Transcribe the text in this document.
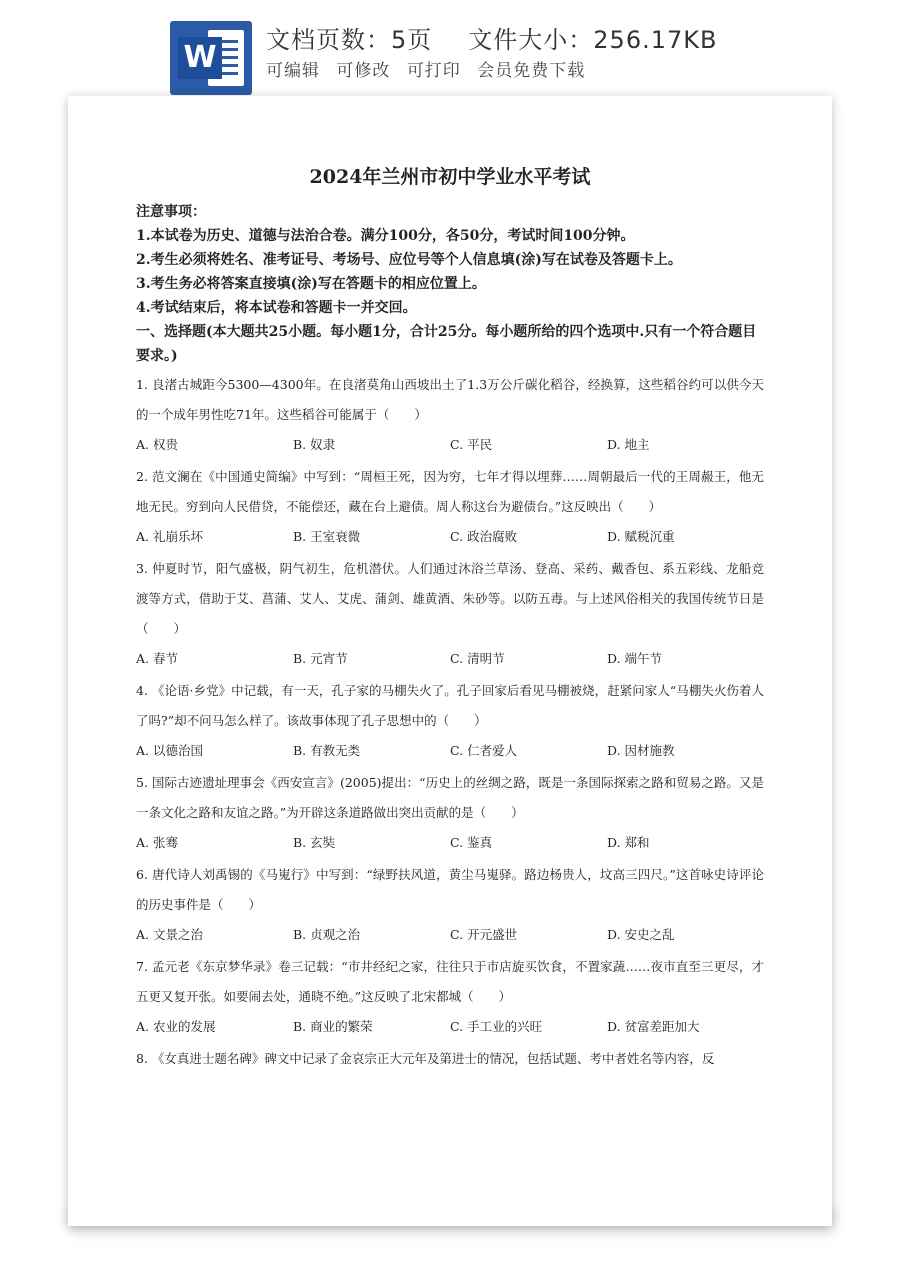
W 文档页数：5页 文件大小：256.17KB
可编辑 可修改 可打印 会员免费下载
2024年兰州市初中学业水平考试
注意事项：
1.本试卷为历史、道德与法治合卷。满分100分，各50分，考试时间100分钟。
2.考生必须将姓名、准考证号、考场号、应位号等个人信息填(涂)写在试卷及答题卡上。
3.考生务必将答案直接填(涂)写在答题卡的相应位置上。
4.考试结束后，将本试卷和答题卡一并交回。
一、选择题(本大题共25小题。每小题1分，合计25分。每小题所给的四个选项中.只有一个符合题目要求。)
1. 良渚古城距今5300—4300年。在良渚莫角山西坡出土了1.3万公斤碳化稻谷，经换算，这些稻谷约可以供今天的一个成年男性吃71年。这些稻谷可能属于（　　）
A. 权贵	B. 奴隶	C. 平民	D. 地主
2. 范文澜在《中国通史简编》中写到：“周桓王死，因为穷，七年才得以埋葬……周朝最后一代的王周赧王，他无地无民。穷到向人民借贷，不能偿还，藏在台上避债。周人称这台为避债台。”这反映出（　　）
A. 礼崩乐坏	B. 王室衰微	C. 政治腐败	D. 赋税沉重
3. 仲夏时节，阳气盛极，阴气初生，危机潜伏。人们通过沐浴兰草汤、登高、采药、戴香包、系五彩线、龙船竞渡等方式，借助于艾、菖蒲、艾人、艾虎、蒲剑、雄黄酒、朱砂等。以防五毒。与上述风俗相关的我国传统节日是（　　）
A. 春节	B. 元宵节	C. 清明节	D. 端午节
4. 《论语·乡党》中记载，有一天，孔子家的马棚失火了。孔子回家后看见马棚被烧，赶紧问家人“马棚失火伤着人了吗?”却不问马怎么样了。该故事体现了孔子思想中的（　　）
A. 以德治国	B. 有教无类	C. 仁者爱人	D. 因材施教
5. 国际古迹遗址理事会《西安宣言》(2005)提出：“历史上的丝绸之路，既是一条国际探索之路和贸易之路。又是一条文化之路和友谊之路。”为开辟这条道路做出突出贡献的是（　　）
A. 张骞	B. 玄奘	C. 鉴真	D. 郑和
6. 唐代诗人刘禹锡的《马嵬行》中写到：“绿野扶风道，黄尘马嵬驿。路边杨贵人，坟高三四尺。”这首咏史诗评论的历史事件是（　　）
A. 文景之治	B. 贞观之治	C. 开元盛世	D. 安史之乱
7. 孟元老《东京梦华录》卷三记载：“市井经纪之家，往往只于市店旋买饮食，不置家蔬……夜市直至三更尽，才五更又复开张。如要闹去处，通晓不绝。”这反映了北宋都城（　　）
A. 农业的发展	B. 商业的繁荣	C. 手工业的兴旺	D. 贫富差距加大
8. 《女真进士题名碑》碑文中记录了金哀宗正大元年及第进士的情况，包括试题、考中者姓名等内容，反
